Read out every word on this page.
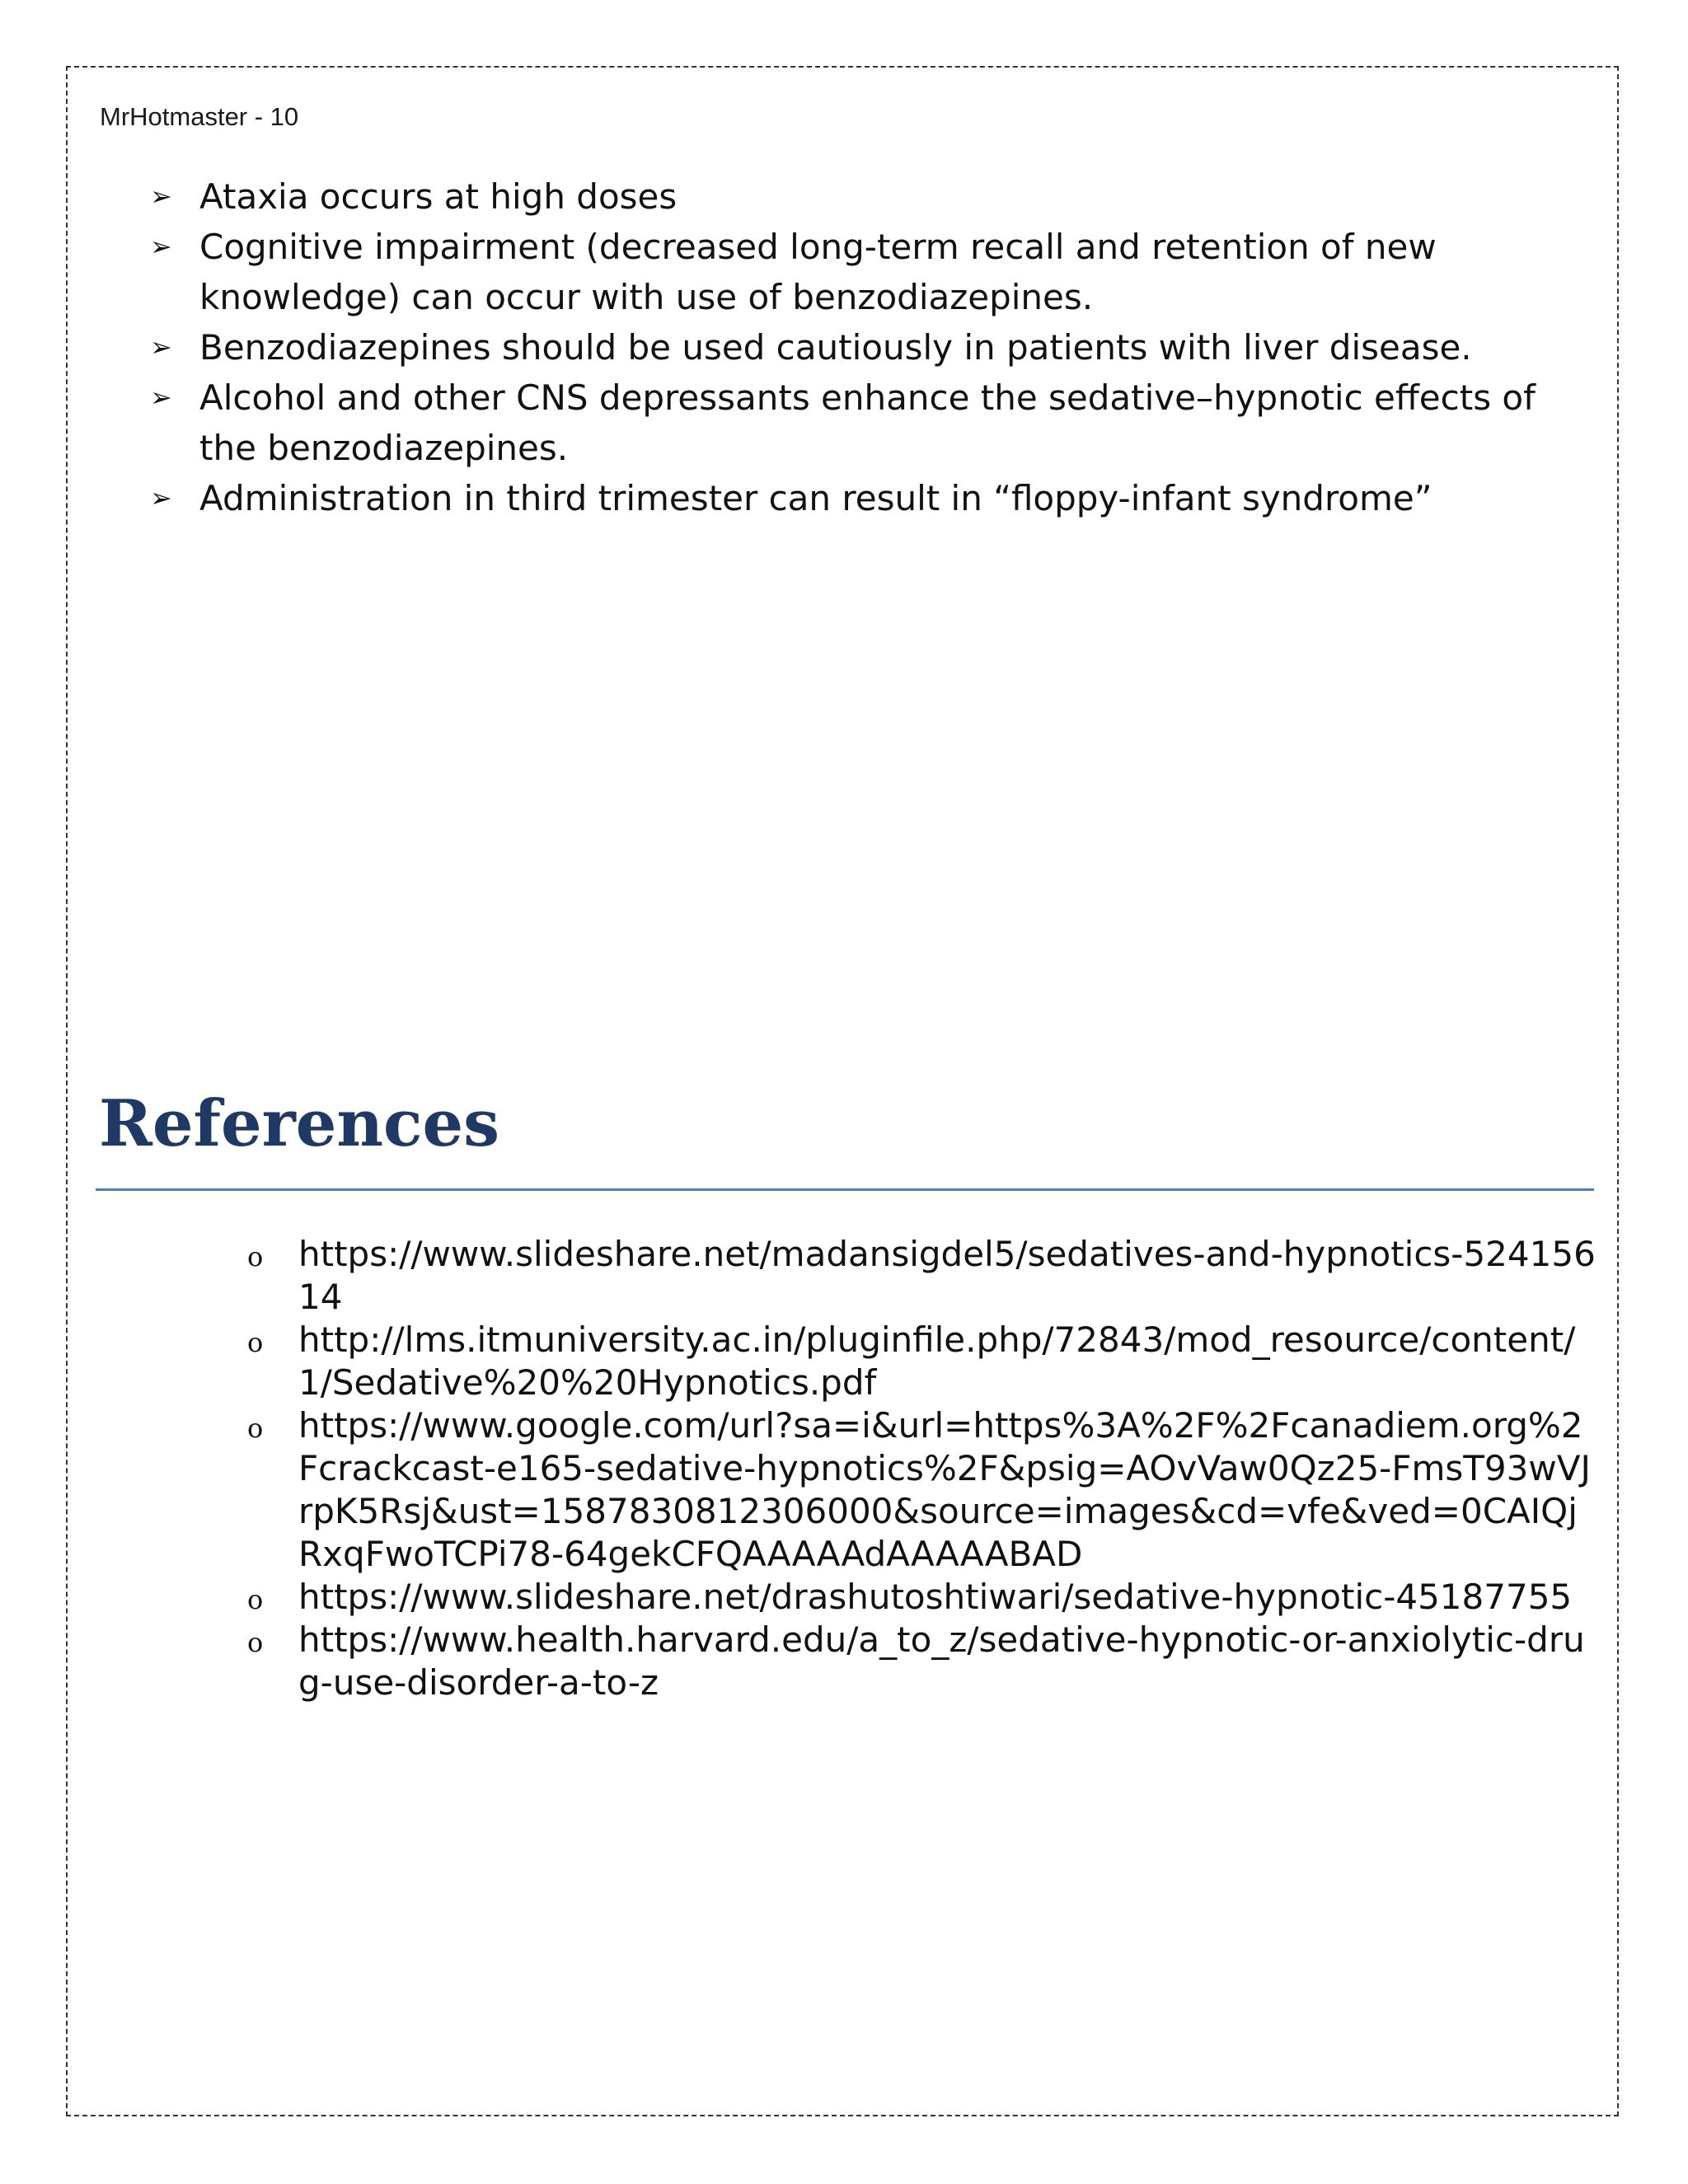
MrHotmaster - 10
➢ Ataxia occurs at high doses
➢ Cognitive impairment (decreased long-term recall and retention of new knowledge) can occur with use of benzodiazepines.
➢ Benzodiazepines should be used cautiously in patients with liver disease.
➢ Alcohol and other CNS depressants enhance the sedative–hypnotic effects of the benzodiazepines.
➢ Administration in third trimester can result in “floppy-infant syndrome”
References
o https://www.slideshare.net/madansigdel5/sedatives-and-hypnotics-52415614
o http://lms.itmuniversity.ac.in/pluginfile.php/72843/mod_resource/content/1/Sedative%20%20Hypnotics.pdf
o https://www.google.com/url?sa=i&url=https%3A%2F%2Fcanadiem.org%2Fcrackcast-e165-sedative-hypnotics%2F&psig=AOvVaw0Qz25-FmsT93wVJrpK5Rsj&ust=1587830812306000&source=images&cd=vfe&ved=0CAIQjRxqFwoTCPi78-64gekCFQAAAAAdAAAAABAD
o https://www.slideshare.net/drashutoshtiwari/sedative-hypnotic-45187755
o https://www.health.harvard.edu/a_to_z/sedative-hypnotic-or-anxiolytic-drug-use-disorder-a-to-z
